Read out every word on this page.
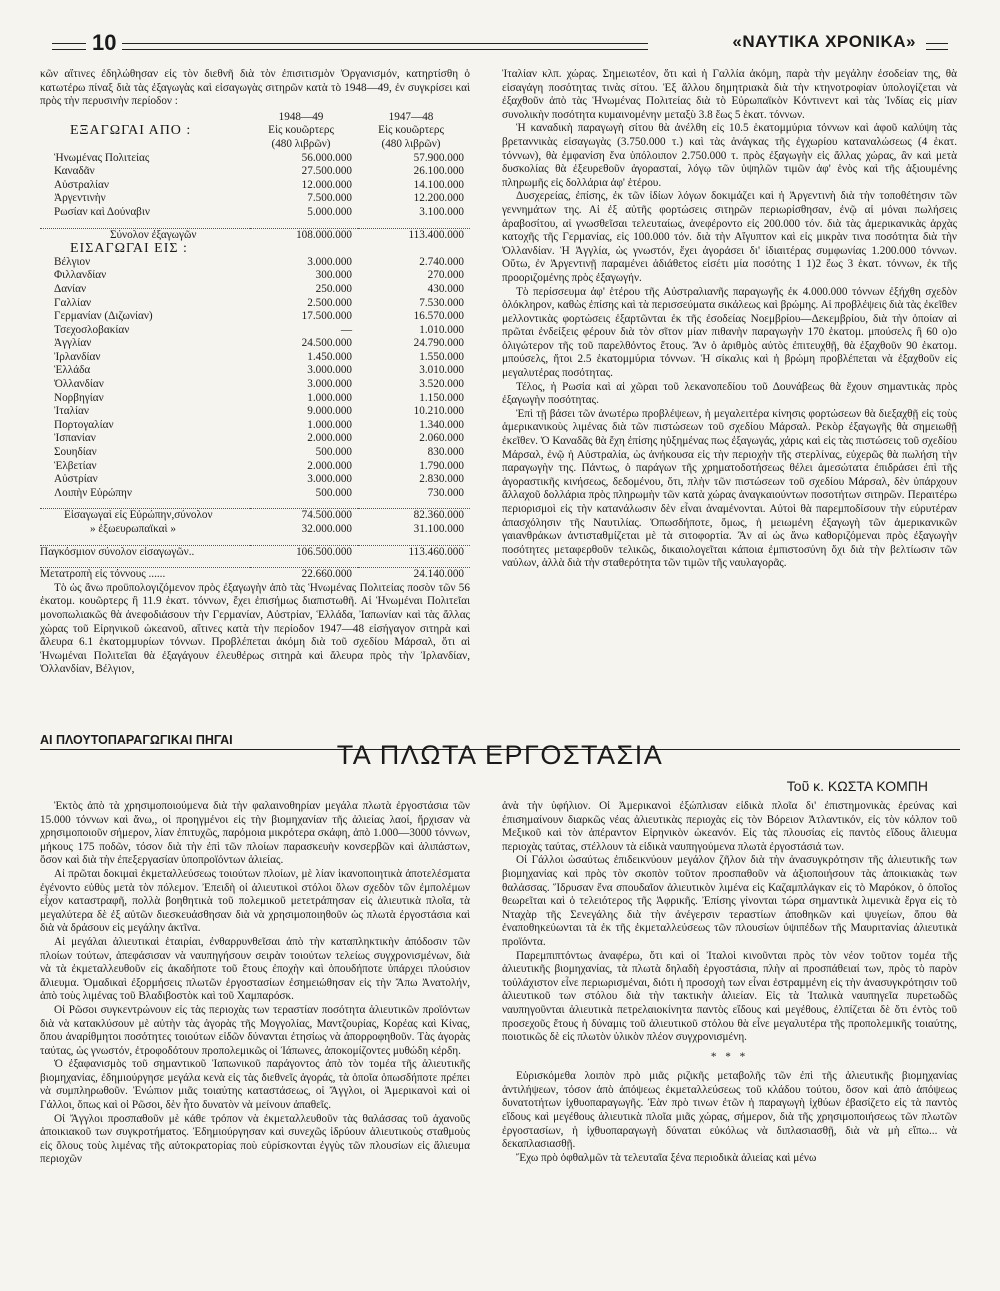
10	«ΝΑΥΤΙΚΑ ΧΡΟΝΙΚΑ»

κῶν αἵτινες ἐδηλώθησαν εἰς τὸν διεθνῆ διὰ τὸν ἐπισιτισμὸν Ὀργανισμόν, κατηρτίσθη ὁ κατωτέρω πίναξ διὰ τὰς ἐξαγωγὰς καὶ εἰσαγωγὰς σιτηρῶν κατὰ τὸ 1948—49, ἐν συγκρίσει καὶ πρὸς τὴν περυσινὴν περίοδον :

	1948—49	1947—48
ΕΞΑΓΩΓΑΙ ΑΠΟ :	Εἰς κουῶρτερς	Εἰς κουῶρτερς
	(480 λιβρῶν)	(480 λιβρῶν)
Ἡνωμένας Πολιτείας	56.000.000	57.900.000
Καναδᾶν	27.500.000	26.100.000
Αὐστραλίαν	12.000.000	14.100.000
Ἀργεντινὴν	7.500.000	12.200.000
Ρωσίαν καὶ Δούναβιν	5.000.000	3.100.000

Σύνολον ἐξαγωγῶν	108.000.000	113.400.000
ΕΙΣΑΓΩΓΑΙ ΕΙΣ :		
Βέλγιον	3.000.000	2.740.000
Φιλλανδίαν	300.000	270.000
Δανίαν	250.000	430.000
Γαλλίαν	2.500.000	7.530.000
Γερμανίαν (Διζωνίαν)	17.500.000	16.570.000
Τσεχοσλοβακίαν	—	1.010.000
Ἀγγλίαν	24.500.000	24.790.000
Ἰρλανδίαν	1.450.000	1.550.000
Ἑλλάδα	3.000.000	3.010.000
Ὀλλανδίαν	3.000.000	3.520.000
Νορβηγίαν	1.000.000	1.150.000
Ἰταλίαν	9.000.000	10.210.000
Πορτογαλίαν	1.000.000	1.340.000
Ἰσπανίαν	2.000.000	2.060.000
Σουηδίαν	500.000	830.000
Ἑλβετίαν	2.000.000	1.790.000
Αὐστρίαν	3.000.000	2.830.000
Λοιπὴν Εὐρώπην	500.000	730.000

Εἰσαγωγαὶ εἰς Εὐρώπην,σύνολον	74.500.000	82.360.000
» ἐξωευρωπαϊκαὶ »	32.000.000	31.100.000

Παγκόσμιον σύνολον εἰσαγωγῶν..	106.500.000	113.460.000

Μετατροπὴ εἰς τόννους ......	22.660.000	24.140.000

Τὸ ὡς ἄνω προϋπολογιζόμενον πρὸς ἐξαγωγὴν ἀπὸ τὰς Ἡνωμένας Πολιτείας ποσὸν τῶν 56 ἑκατομ. κουῶρτερς ἢ 11.9 ἑκατ. τόννων, ἔχει ἐπισήμως διαπιστωθῆ. Αἱ Ἡνωμέναι Πολιτεῖαι μονοπωλιακῶς θὰ ἀνεφοδιάσουν τὴν Γερμανίαν, Αὐστρίαν, Ἑλλάδα, Ἰαπωνίαν καὶ τὰς ἄλλας χώρας τοῦ Εἰρηνικοῦ ὠκεανοῦ, αἵτινες κατὰ τὴν περίοδον 1947—48 εἰσήγαγον σιτηρὰ καὶ ἄλευρα 6.1 ἑκατομμυρίων τόννων. Προβλέπεται ἀκόμη διὰ τοῦ σχεδίου Μάρσαλ, ὅτι αἱ Ἡνωμέναι Πολιτεῖαι θὰ ἐξαγάγουν ἐλευθέρως σιτηρὰ καὶ ἄλευρα πρὸς τὴν Ἰρλανδίαν, Ὀλλανδίαν, Βέλγιον,

Ἰταλίαν κλπ. χώρας. Σημειωτέον, ὅτι καὶ ἡ Γαλλία ἀκόμη, παρὰ τὴν μεγάλην ἐσοδείαν της, θὰ εἰσαγάγη ποσότητας τινὰς σίτου. Ἐξ ἄλλου δημητριακὰ διὰ τὴν κτηνοτροφίαν ὑπολογίζεται νὰ ἐξαχθοῦν ἀπὸ τὰς Ἡνωμένας Πολιτείας διὰ τὸ Εὐρωπαϊκὸν Κόντινεντ καὶ τὰς Ἰνδίας εἰς μίαν συνολικὴν ποσότητα κυμαινομένην μεταξὺ 3.8 ἕως 5 ἑκατ. τόννων.

Ἡ καναδικὴ παραγωγὴ σίτου θὰ ἀνέλθη εἰς 10.5 ἑκατομμύρια τόννων καὶ ἀφοῦ καλύψη τὰς βρεταννικὰς εἰσαγωγὰς (3.750.000 τ.) καὶ τὰς ἀνάγκας τῆς ἐγχωρίου καταναλώσεως (4 ἑκατ. τόννων), θὰ ἐμφανίση ἕνα ὑπόλοιπον 2.750.000 τ. πρὸς ἐξαγωγὴν εἰς ἄλλας χώρας, ἂν καὶ μετὰ δυσκολίας θὰ ἐξευρεθοῦν ἀγορασταί, λόγῳ τῶν ὑψηλῶν τιμῶν ἀφ' ἑνὸς καὶ τῆς ἀξιουμένης πληρωμῆς εἰς δολλάρια ἀφ' ἑτέρου.

Δυσχερείας, ἐπίσης, ἐκ τῶν ἰδίων λόγων δοκιμάζει καὶ ἡ Ἀργεντινὴ διὰ τὴν τοποθέτησιν τῶν γεννημάτων της. Αἱ ἐξ αὐτῆς φορτώσεις σιτηρῶν περιωρίσθησαν, ἐνῷ αἱ μόναι πωλήσεις ἀραβοσίτου, αἱ γνωσθεῖσαι τελευταίως, ἀνεφέροντο εἰς 200.000 τόν. διὰ τὰς ἀμερικανικὰς ἀρχὰς κατοχῆς τῆς Γερμανίας, εἰς 100.000 τόν. διὰ τὴν Αἴγυπτον καὶ εἰς μικρὰν τινα ποσότητα διὰ τὴν Ὀλλανδίαν. Ἡ Ἀγγλία, ὡς γνωστόν, ἔχει ἀγοράσει δι' ἰδιαιτέρας συμφωνίας 1.200.000 τόννων. Οὕτω, ἐν Ἀργεντινῇ παραμένει ἀδιάθετος εἰσέτι μία ποσότης 1 1)2 ἕως 3 ἑκατ. τόννων, ἐκ τῆς προοριζομένης πρὸς ἐξαγωγήν.

Τὸ περίσσευμα ἀφ' ἑτέρου τῆς Αὐστραλιανῆς παραγωγῆς ἐκ 4.000.000 τόννων ἐξήχθη σχεδὸν ὁλόκληρον, καθὼς ἐπίσης καὶ τὰ περισσεύματα σικάλεως καὶ βρώμης. Αἱ προβλέψεις διὰ τὰς ἐκεῖθεν μελλοντικὰς φορτώσεις ἐξαρτῶνται ἐκ τῆς ἐσοδείας Νοεμβρίου—Δεκεμβρίου, διὰ τὴν ὁποίαν αἱ πρῶται ἐνδείξεις φέρουν διὰ τὸν σῖτον μίαν πιθανὴν παραγωγὴν 170 ἑκατομ. μπούσελς ἢ 60 ο)ο ὀλιγώτερον τῆς τοῦ παρελθόντος ἔτους. Ἂν ὁ ἀριθμὸς αὐτὸς ἐπιτευχθῇ, θὰ ἐξαχθοῦν 90 ἑκατομ. μπούσελς, ἤτοι 2.5 ἑκατομμύρια τόννων. Ἡ σίκαλις καὶ ἡ βρώμη προβλέπεται νὰ ἐξαχθοῦν εἰς μεγαλυτέρας ποσότητας.

Τέλος, ἡ Ρωσία καὶ αἱ χῶραι τοῦ λεκανοπεδίου τοῦ Δουνάβεως θὰ ἔχουν σημαντικὰς πρὸς ἐξαγωγὴν ποσότητας.

Ἐπὶ τῇ βάσει τῶν ἀνωτέρω προβλέψεων, ἡ μεγαλειτέρα κίνησις φορτώσεων θὰ διεξαχθῇ εἰς τοὺς ἀμερικανικοὺς λιμένας διὰ τῶν πιστώσεων τοῦ σχεδίου Μάρσαλ. Ρεκὸρ ἐξαγωγῆς θὰ σημειωθῇ ἐκεῖθεν. Ὁ Καναδᾶς θὰ ἔχη ἐπίσης ηὐξημένας πως ἐξαγωγάς, χάρις καὶ εἰς τὰς πιστώσεις τοῦ σχεδίου Μάρσαλ, ἐνῷ ἡ Αὐστραλία, ὡς ἀνήκουσα εἰς τὴν περιοχὴν τῆς στερλίνας, εὐχερῶς θὰ πωλήση τὴν παραγωγὴν της. Πάντως, ὁ παράγων τῆς χρηματοδοτήσεως θέλει ἀμεσώτατα ἐπιδράσει ἐπὶ τῆς ἀγοραστικῆς κινήσεως, δεδομένου, ὅτι, πλὴν τῶν πιστώσεων τοῦ σχεδίου Μάρσαλ, δὲν ὑπάρχουν ἄλλαχοῦ δολλάρια πρὸς πληρωμὴν τῶν κατὰ χώρας ἀναγκαιούντων ποσοτήτων σιτηρῶν. Περαιτέρω περιορισμοὶ εἰς τὴν κατανάλωσιν δὲν εἶναι ἀναμένονται. Αὐτοὶ θὰ παρεμποδίσουν τὴν εὐρυτέραν ἀπασχόλησιν τῆς Ναυτιλίας. Ὁπωσδήποτε, ὅμως, ἡ μειωμένη ἐξαγωγὴ τῶν ἀμερικανικῶν γαιανθράκων ἀντισταθμίζεται μὲ τὰ σιτοφορτία. Ἂν αἱ ὡς ἄνω καθοριζόμεναι πρὸς ἐξαγωγὴν ποσότητες μεταφερθοῦν τελικῶς, δικαιολογεῖται κάποια ἐμπιστοσύνη ὄχι διὰ τὴν βελτίωσιν τῶν ναύλων, ἀλλὰ διὰ τὴν σταθερότητα τῶν τιμῶν τῆς ναυλαγορᾶς.

ΑΙ ΠΛΟΥΤΟΠΑΡΑΓΩΓΙΚΑΙ ΠΗΓΑΙ	ΤΑ ΠΛΩΤΑ ΕΡΓΟΣΤΑΣΙΑ
Τοῦ κ. ΚΩΣΤΑ ΚΟΜΠΗ

Ἐκτὸς ἀπὸ τὰ χρησιμοποιούμενα διὰ τὴν φαλαινοθηρίαν μεγάλα πλωτὰ ἐργοστάσια τῶν 15.000 τόννων καὶ ἄνω,, οἱ προηγμένοι εἰς τὴν βιομηχανίαν τῆς ἁλιείας λαοί, ἤρχισαν νὰ χρησιμοποιοῦν σήμερον, λίαν ἐπιτυχῶς, παρόμοια μικρότερα σκάφη, ἀπὸ 1.000—3000 τόννων, μήκους 175 ποδῶν, τόσον διὰ τὴν ἐπὶ τῶν πλοίων παρασκευὴν κονσερβῶν καὶ ἁλιπάστων, ὅσον καὶ διὰ τὴν ἐπεξεργασίαν ὑποπροϊόντων ἁλιείας.

Αἱ πρῶται δοκιμαὶ ἐκμεταλλεύσεως τοιούτων πλοίων, μὲ λίαν ἱκανοποιητικὰ ἀποτελέσματα ἐγένοντο εὐθὺς μετὰ τὸν πόλεμον. Ἐπειδὴ οἱ ἁλιευτικοὶ στόλοι ὅλων σχεδὸν τῶν ἐμπολέμων εἶχον καταστραφῆ, πολλὰ βοηθητικὰ τοῦ πολεμικοῦ μετετράπησαν εἰς ἁλιευτικὰ πλοῖα, τὰ μεγαλύτερα δὲ ἐξ αὐτῶν διεσκευάσθησαν διὰ νὰ χρησιμοποιηθοῦν ὡς πλωτὰ ἐργοστάσια καὶ διὰ νὰ δράσουν εἰς μεγάλην ἀκτῖνα.

Αἱ μεγάλαι ἁλιευτικαὶ ἑταιρίαι, ἐνθαρρυνθεῖσαι ἀπὸ τὴν καταπληκτικὴν ἀπόδοσιν τῶν πλοίων τούτων, ἀπεφάσισαν νὰ ναυπηγήσουν σειρὰν τοιούτων τελείως συγχρονισμένων, διὰ νὰ τὰ ἐκμεταλλευθοῦν εἰς ἀκαδήποτε τοῦ ἔτους ἐποχὴν καὶ ὁπουδήποτε ὑπάρχει πλούσιον ἄλιευμα. Ὁμαδικαὶ ἐξορμήσεις πλωτῶν ἐργοστασίων ἐσημειώθησαν εἰς τὴν Ἄπω Ἀνατολήν, ἀπὸ τοὺς λιμένας τοῦ Βλαδιβοστὸκ καὶ τοῦ Χαμπαρόσκ.

Οἱ Ρῶσοι συγκεντρώνουν εἰς τὰς περιοχὰς των τεραστίαν ποσότητα ἁλιευτικῶν προϊόντων διὰ νὰ κατακλύσουν μὲ αὐτὴν τὰς ἀγορὰς τῆς Μογγολίας, Μαντζουρίας, Κορέας καὶ Κίνας, ὅπου ἀναρίθμητοι ποσότητες τοιούτων εἰδῶν δύνανται ἐτησίως νὰ ἀπορροφηθοῦν. Τὰς ἀγορὰς ταύτας, ὡς γνωστόν, ἐτροφοδότουν προπολεμικῶς οἱ Ἰάπωνες, ἀποκομίζοντες μυθώδη κέρδη.

Ὁ ἐξαφανισμὸς τοῦ σημαντικοῦ Ἰαπωνικοῦ παράγοντος ἀπὸ τὸν τομέα τῆς ἁλιευτικῆς βιομηχανίας, ἐδημιούργησε μεγάλα κενὰ εἰς τὰς διεθνεῖς ἀγοράς, τὰ ὁποῖα ὁπωσδήποτε πρέπει νὰ συμπληρωθοῦν. Ἐνώπιον μιᾶς τοιαύτης καταστάσεως, οἱ Ἄγγλοι, οἱ Ἀμερικανοὶ καὶ οἱ Γάλλοι, ὅπως καὶ οἱ Ρῶσοι, δὲν ἦτο δυνατὸν νὰ μείνουν ἀπαθεῖς.

Οἱ Ἄγγλοι προσπαθοῦν μὲ κάθε τρόπον νὰ ἐκμεταλλευθοῦν τὰς θαλάσσας τοῦ ἀχανοῦς ἀποικιακοῦ των συγκροτήματος. Ἐδημιούργησαν καὶ συνεχῶς ἱδρύουν ἁλιευτικοὺς σταθμοὺς εἰς ὅλους τοὺς λιμένας τῆς αὐτοκρατορίας ποὺ εὑρίσκονται ἐγγὺς τῶν πλουσίων εἰς ἄλιευμα περιοχῶν

ἀνὰ τὴν ὑφήλιον. Οἱ Ἀμερικανοὶ ἐξώπλισαν εἰδικὰ πλοῖα δι' ἐπιστημονικὰς ἐρεύνας καὶ ἐπισημαίνουν διαρκῶς νέας ἁλιευτικὰς περιοχὰς εἰς τὸν Βόρειον Ἀτλαντικόν, εἰς τὸν κόλπον τοῦ Μεξικοῦ καὶ τὸν ἀπέραντον Εἰρηνικὸν ὠκεανόν. Εἰς τὰς πλουσίας εἰς παντὸς εἴδους ἄλιευμα περιοχὰς ταύτας, στέλλουν τὰ εἰδικὰ ναυπηγούμενα πλωτὰ ἐργοστάσιά των.

Οἱ Γάλλοι ὡσαύτως ἐπιδεικνύουν μεγάλον ζῆλον διὰ τὴν ἀνασυγκρότησιν τῆς ἁλιευτικῆς των βιομηχανίας καὶ πρὸς τὸν σκοπὸν τοῦτον προσπαθοῦν νὰ ἀξιοποιήσουν τὰς ἀποικιακὰς των θαλάσσας. Ἵδρυσαν ἕνα σπουδαῖον ἁλιευτικὸν λιμένα εἰς Καζαμπλάγκαν εἰς τὸ Μαρόκον, ὁ ὁποῖος θεωρεῖται καὶ ὁ τελειότερος τῆς Ἀφρικῆς. Ἐπίσης γίνονται τώρα σημαντικὰ λιμενικὰ ἔργα εἰς τὸ Νταχὰρ τῆς Σενεγάλης διὰ τὴν ἀνέγερσιν τεραστίων ἀποθηκῶν καὶ ψυγείων, ὅπου θὰ ἐναποθηκεύωνται τὰ ἐκ τῆς ἐκμεταλλεύσεως τῶν πλουσίων ὑψιπέδων τῆς Μαυριτανίας ἁλιευτικὰ προϊόντα.

Παρεμπιπτόντως ἀναφέρω, ὅτι καὶ οἱ Ἰταλοὶ κινοῦνται πρὸς τὸν νέον τοῦτον τομέα τῆς ἁλιευτικῆς βιομηχανίας, τὰ πλωτὰ δηλαδὴ ἐργοστάσια, πλὴν αἱ προσπάθειαί των, πρὸς τὸ παρὸν τοὐλάχιστον εἶνε περιωρισμέναι, διότι ἡ προσοχὴ των εἶναι ἐστραμμένη εἰς τὴν ἀνασυγκρότησιν τοῦ ἁλιευτικοῦ των στόλου διὰ τὴν τακτικὴν ἁλιείαν. Εἰς τὰ Ἰταλικὰ ναυπηγεῖα πυρετωδῶς ναυπηγοῦνται ἁλιευτικὰ πετρελαιοκίνητα παντὸς εἴδους καὶ μεγέθους, ἐλπίζεται δὲ ὅτι ἐντὸς τοῦ προσεχοῦς ἔτους ἡ δύναμις τοῦ ἁλιευτικοῦ στόλου θὰ εἶνε μεγαλυτέρα τῆς προπολεμικῆς τοιαύτης, ποιοτικῶς δὲ εἰς πλωτὸν ὑλικὸν πλέον συγχρονισμένη.

* * *

Εὑρισκόμεθα λοιπὸν πρὸ μιᾶς ριζικῆς μεταβολῆς τῶν ἐπὶ τῆς ἁλιευτικῆς βιομηχανίας ἀντιλήψεων, τόσον ἀπὸ ἀπόψεως ἐκμεταλλεύσεως τοῦ κλάδου τούτου, ὅσον καὶ ἀπὸ ἀπόψεως δυνατοτήτων ἰχθυοπαραγωγῆς. Ἐὰν πρὸ τινων ἐτῶν ἡ παραγωγὴ ἰχθύων ἐβασίζετο εἰς τὰ παντὸς εἴδους καὶ μεγέθους ἁλιευτικὰ πλοῖα μιᾶς χώρας, σήμερον, διὰ τῆς χρησιμοποιήσεως τῶν πλωτῶν ἐργοστασίων, ἡ ἰχθυοπαραγωγὴ δύναται εὐκόλως νὰ διπλασιασθῇ, διὰ νὰ μὴ εἴπω... νὰ δεκαπλασιασθῇ.

Ἔχω πρὸ ὀφθαλμῶν τὰ τελευταῖα ξένα περιοδικὰ ἁλιείας καὶ μένω
